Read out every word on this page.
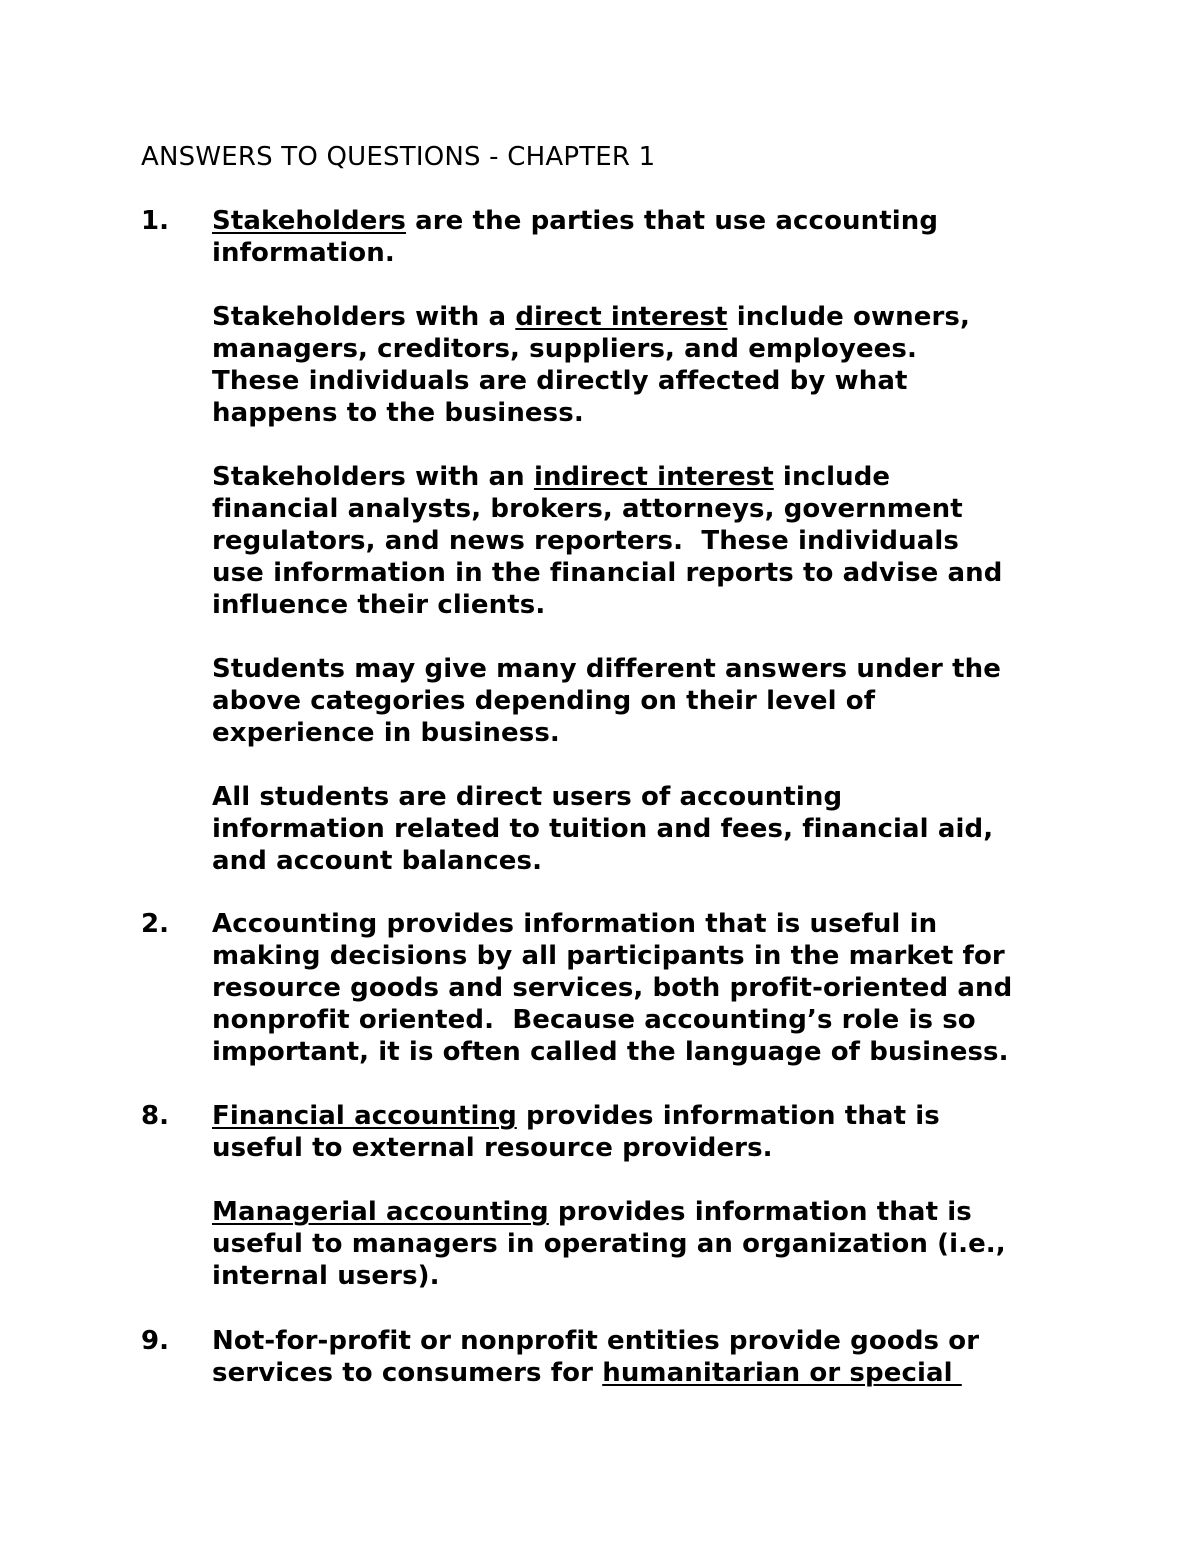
ANSWERS TO QUESTIONS - CHAPTER 1
1.	Stakeholders are the parties that use accounting
information.
Stakeholders with a direct interest include owners,
managers, creditors, suppliers, and employees.
These individuals are directly affected by what
happens to the business.
Stakeholders with an indirect interest include
financial analysts, brokers, attorneys, government
regulators, and news reporters.  These individuals
use information in the financial reports to advise and
influence their clients.
Students may give many different answers under the
above categories depending on their level of
experience in business.
All students are direct users of accounting
information related to tuition and fees, financial aid,
and account balances.
2.	Accounting provides information that is useful in
making decisions by all participants in the market for
resource goods and services, both profit-oriented and
nonprofit oriented.  Because accounting’s role is so
important, it is often called the language of business.
8.	Financial accounting provides information that is
useful to external resource providers.
Managerial accounting provides information that is
useful to managers in operating an organization (i.e.,
internal users).
9.	Not-for-profit or nonprofit entities provide goods or
services to consumers for humanitarian or special
